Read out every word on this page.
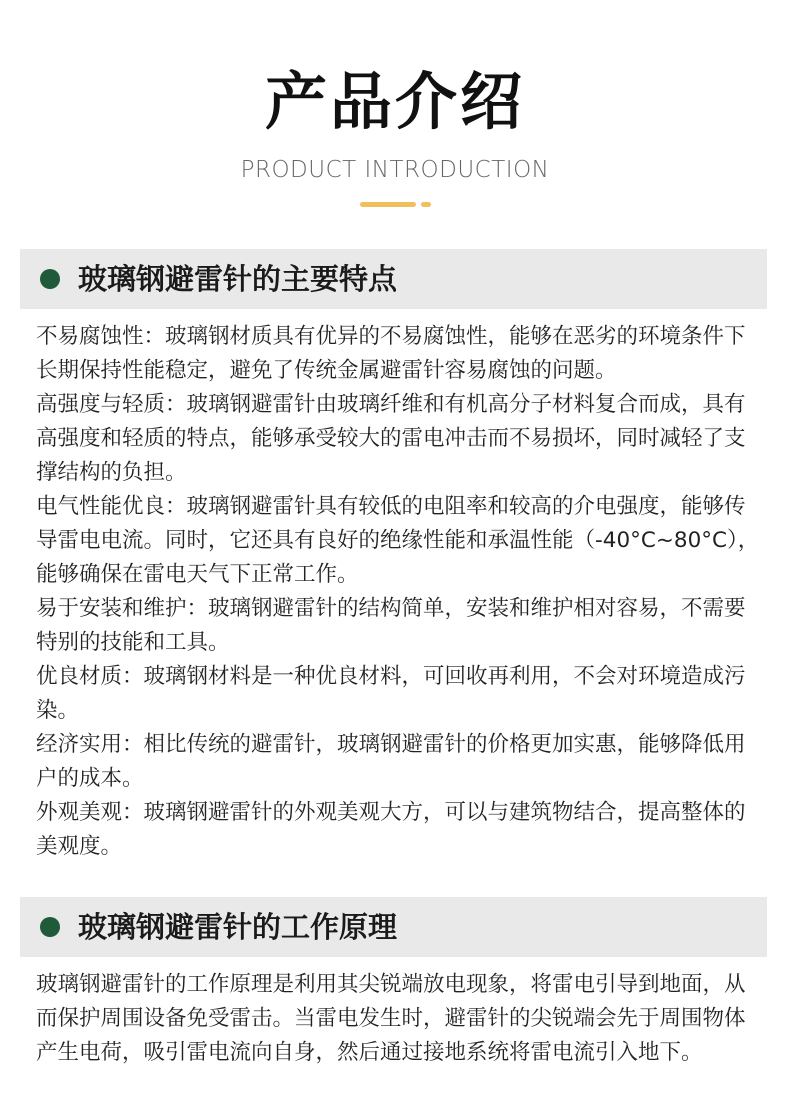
产品介绍
PRODUCT INTRODUCTION
玻璃钢避雷针的主要特点

不易腐蚀性：玻璃钢材质具有优异的不易腐蚀性，能够在恶劣的环境条件下长期保持性能稳定，避免了传统金属避雷针容易腐蚀的问题。

高强度与轻质：玻璃钢避雷针由玻璃纤维和有机高分子材料复合而成，具有高强度和轻质的特点，能够承受较大的雷电冲击而不易损坏，同时减轻了支撑结构的负担。

电气性能优良：玻璃钢避雷针具有较低的电阻率和较高的介电强度，能够传导雷电电流。同时，它还具有良好的绝缘性能和承温性能（-40°C~80°C），能够确保在雷电天气下正常工作。

易于安装和维护：玻璃钢避雷针的结构简单，安装和维护相对容易，不需要特别的技能和工具。

优良材质：玻璃钢材料是一种优良材料，可回收再利用，不会对环境造成污染。

经济实用：相比传统的避雷针，玻璃钢避雷针的价格更加实惠，能够降低用户的成本。

外观美观：玻璃钢避雷针的外观美观大方，可以与建筑物结合，提高整体的美观度。

玻璃钢避雷针的工作原理

玻璃钢避雷针的工作原理是利用其尖锐端放电现象，将雷电引导到地面，从而保护周围设备免受雷击。当雷电发生时，避雷针的尖锐端会先于周围物体产生电荷，吸引雷电流向自身，然后通过接地系统将雷电流引入地下。
